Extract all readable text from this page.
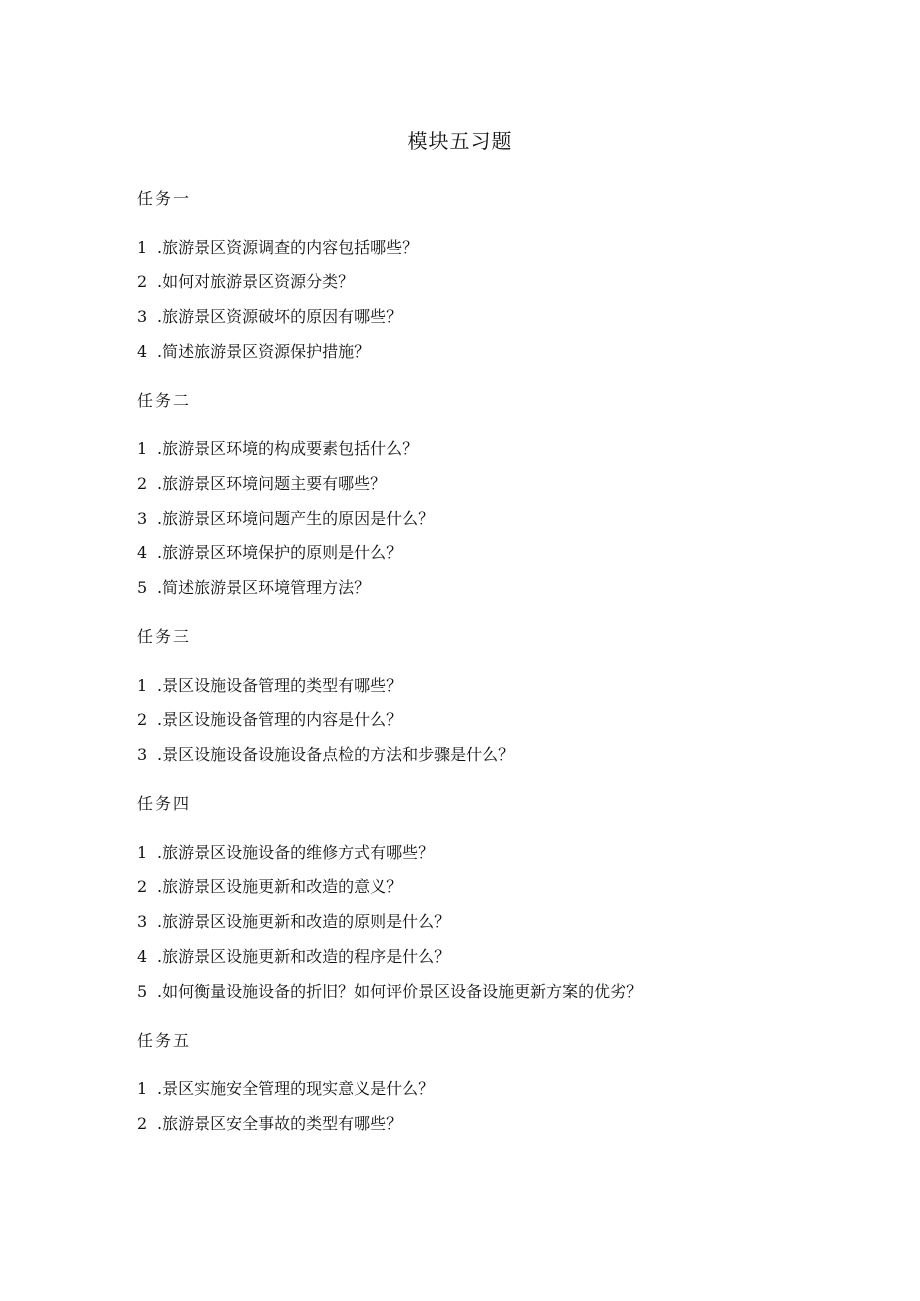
模块五习题
任务一
1 .旅游景区资源调查的内容包括哪些？
2 .如何对旅游景区资源分类？
3 .旅游景区资源破坏的原因有哪些？
4 .简述旅游景区资源保护措施？
任务二
1 .旅游景区环境的构成要素包括什么？
2 .旅游景区环境问题主要有哪些？
3 .旅游景区环境问题产生的原因是什么？
4 .旅游景区环境保护的原则是什么？
5 .简述旅游景区环境管理方法？
任务三
1 .景区设施设备管理的类型有哪些？
2 .景区设施设备管理的内容是什么？
3 .景区设施设备设施设备点检的方法和步骤是什么？
任务四
1 .旅游景区设施设备的维修方式有哪些？
2 .旅游景区设施更新和改造的意义？
3 .旅游景区设施更新和改造的原则是什么？
4 .旅游景区设施更新和改造的程序是什么？
5 .如何衡量设施设备的折旧？如何评价景区设备设施更新方案的优劣？
任务五
1 .景区实施安全管理的现实意义是什么？
2 .旅游景区安全事故的类型有哪些？
